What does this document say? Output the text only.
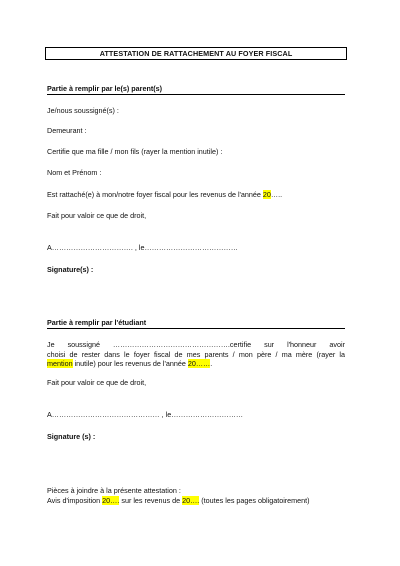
ATTESTATION DE RATTACHEMENT AU FOYER FISCAL
Partie à remplir par le(s) parent(s)
Je/nous soussigné(s) :
Demeurant :
Certifie que ma fille / mon fils (rayer la mention inutile) :
Nom et Prénom :
Est rattaché(e) à mon/notre foyer fiscal pour les revenus de l'année 20…..
Fait pour valoir ce que de droit,
A……………………………. , le…………………………………
Signature(s) :
Partie à remplir par l'étudiant
Je soussigné ………………………………………….certifie sur l'honneur avoir
choisi de rester dans le foyer fiscal de mes parents / mon père / ma mère (rayer la
mention inutile) pour les revenus de l'année 20…….
Fait pour valoir ce que de droit,
A……………………………………… , le…………………………
Signature (s) :
Pièces à joindre à la présente attestation :
Avis d'imposition 20…. sur les revenus de 20…. (toutes les pages obligatoirement)
